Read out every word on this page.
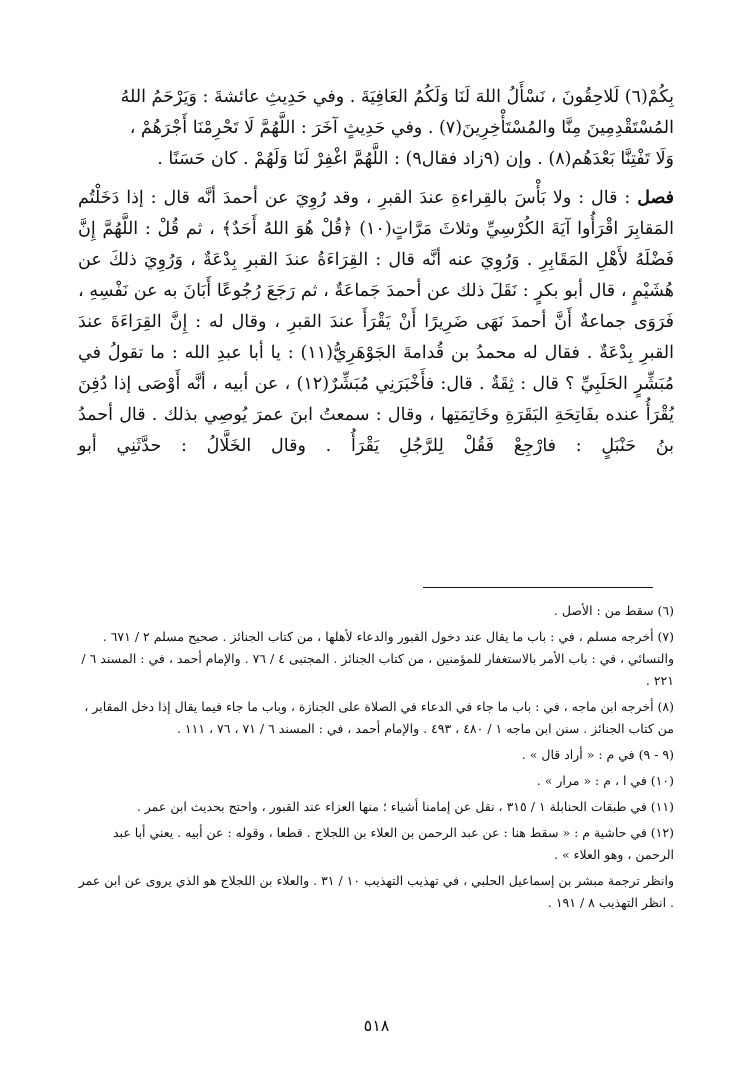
بِكُمْ(٦) لَلاحِقُونَ ، نَسْأَلُ اللهَ لَنَا وَلَكُمُ العَافِيَةَ . وفي حَدِيثِ عائشةَ : وَيَرْحَمُ اللهُ
المُسْتَقْدِمِينَ مِنَّا والمُسْتَأْخِرِينَ(٧) . وفي حَدِيثٍ آخَرَ : اللَّهُمَّ لَا تَحْرِمْنَا أَجْرَهُمْ ،
وَلَا تَفْتِنَّا بَعْدَهُم(٨) . وإن (٩زاد فقال٩) : اللَّهُمَّ اغْفِرْ لَنَا وَلَهُمْ . كان حَسَنًا .

فصل : قال : ولا بَأْسَ بالقِراءةِ عندَ القبرِ ، وقد رُوِيَ عن أحمدَ أنَّه قال : إذا دَخَلْتُم المَقابِرَ اقْرَأُوا آيَةَ الكُرْسِيِّ وثلاثَ مَرَّاتٍ(١٠) ﴿قُلْ هُوَ اللهُ أَحَدٌ﴾ ، ثم قُلْ : اللَّهُمَّ إِنَّ فَضْلَهُ لأَهْلِ المَقَابِرِ . وَرُوِيَ عنه أنَّه قال : القِرَاءَةُ عندَ القبرِ بِدْعَةٌ ، وَرُوِيَ ذلكَ عن هُشَيْمٍ ، قال أبو بكرٍ : نَقَلَ ذلك عن أحمدَ جَماعَةٌ ، ثم رَجَعَ رُجُوعًا أَبَانَ به عن نَفْسِهِ ، فَرَوَى جماعةٌ أَنَّ أحمدَ نَهَى ضَرِيرًا أَنْ يَقْرَأَ عندَ القبرِ ، وقال له : إِنَّ القِرَاءَةَ عندَ القبرِ بِدْعَةٌ . فقال له محمدُ بن قُدامةَ الجَوْهَرِيُّ(١١) : يا أبا عبدِ الله : ما تقولُ في مُبَشِّرٍ الحَلَبِيِّ ؟ قال : ثِقَةٌ . قال: فأَخْبَرَنِي مُبَشِّرٌ(١٢) ، عن أبيه ، أنَّه أَوْصَى إذا دُفِنَ يُقْرَأُ عنده بفَاتِحَةِ البَقَرَةِ وخَاتِمَتِها ، وقال : سمعتُ ابنَ عمرَ يُوصِي بذلك . قال أحمدُ بنُ حَنْبَلٍ : فارْجِعْ فَقُلْ لِلرَّجُلِ يَقْرَأُ . وقال الخَلَّالُ : حدَّثَنِي أبو

(٦) سقط من : الأصل .

(٧) أخرجه مسلم ، في : باب ما يقال عند دخول القبور والدعاء لأهلها ، من كتاب الجنائز . صحيح مسلم ٢ / ٦٧١ . والنسائي ، في : باب الأمر بالاستغفار للمؤمنين ، من كتاب الجنائز . المجتبى ٤ / ٧٦ . والإمام أحمد ، في : المسند ٦ / ٢٢١ .

(٨) أخرجه ابن ماجه ، في : باب ما جاء في الدعاء في الصلاة على الجنازة ، وباب ما جاء فيما يقال إذا دخل المقابر ، من كتاب الجنائز . سنن ابن ماجه ١ / ٤٨٠ ، ٤٩٣ . والإمام أحمد ، في : المسند ٦ / ٧١ ، ٧٦ ، ١١١ .

(٩ - ٩) في م : « أراد قال » .

(١٠) في ا ، م : « مرار » .

(١١) في طبقات الحنابلة ١ / ٣١٥ ، نقل عن إمامنا أشياء ؛ منها العزاء عند القبور ، واحتج بحديث ابن عمر .

(١٢) في حاشية م : « سقط هنا : عن عبد الرحمن بن العلاء بن اللجلاج . قطعا ، وقوله : عن أبيه . يعني أبا عبد الرحمن ، وهو العلاء » .

وانظر ترجمة مبشر بن إسماعيل الحلبي ، في تهذيب التهذيب ١٠ / ٣١ . والعلاء بن اللجلاج هو الذي يروى عن ابن عمر . انظر التهذيب ٨ / ١٩١ .

٥١٨
